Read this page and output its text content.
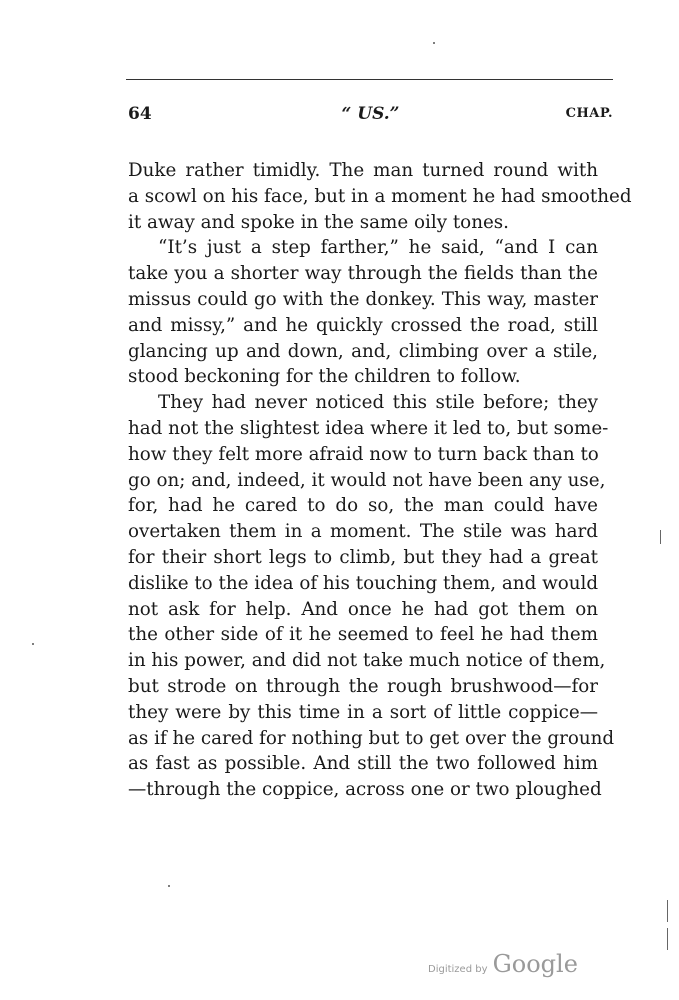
64	“ US.”	CHAP.
Duke rather timidly. The man turned round with
a scowl on his face, but in a moment he had smoothed
it away and spoke in the same oily tones.
“It’s just a step farther,” he said, “and I can
take you a shorter way through the fields than the
missus could go with the donkey. This way, master
and missy,” and he quickly crossed the road, still
glancing up and down, and, climbing over a stile,
stood beckoning for the children to follow.
They had never noticed this stile before; they
had not the slightest idea where it led to, but some-
how they felt more afraid now to turn back than to
go on; and, indeed, it would not have been any use,
for, had he cared to do so, the man could have
overtaken them in a moment. The stile was hard
for their short legs to climb, but they had a great
dislike to the idea of his touching them, and would
not ask for help. And once he had got them on
the other side of it he seemed to feel he had them
in his power, and did not take much notice of them,
but strode on through the rough brushwood—for
they were by this time in a sort of little coppice—
as if he cared for nothing but to get over the ground
as fast as possible. And still the two followed him
—through the coppice, across one or two ploughed
Digitized by Google
